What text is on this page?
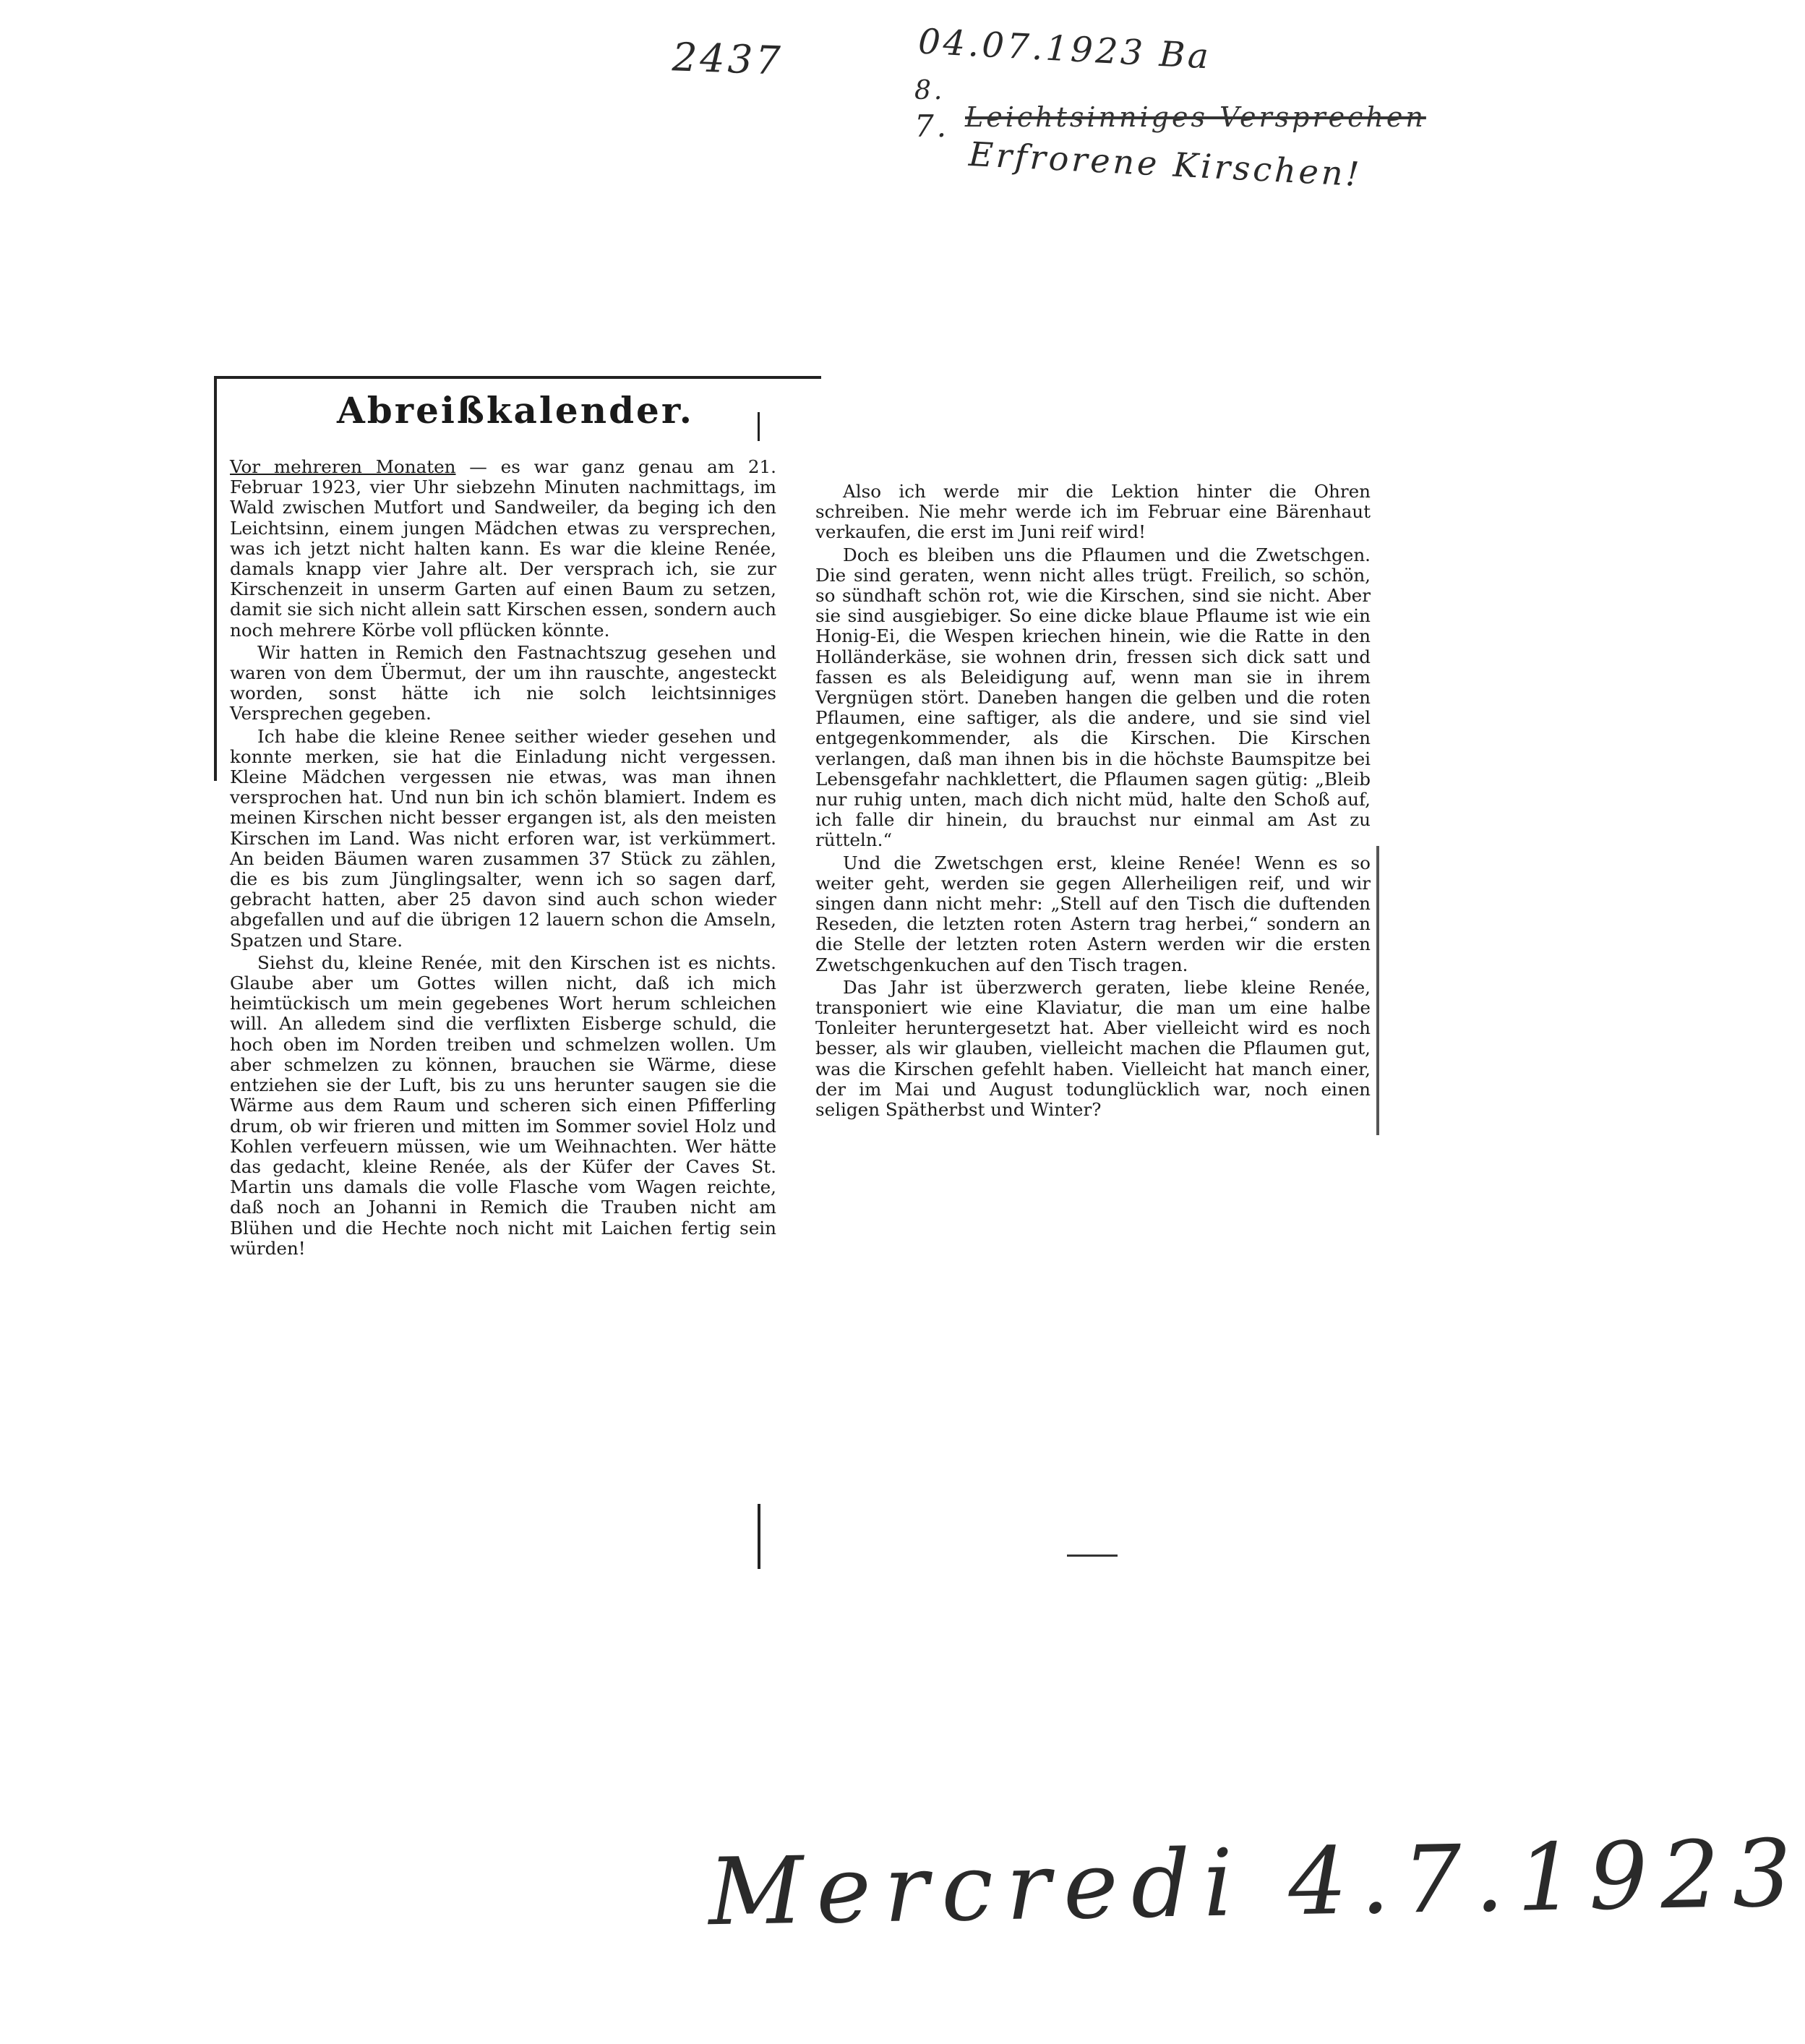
2437	04.07.1923 Ba
8.
7. Leichtsinniges Versprechen
Erfrorene Kirschen!
Abreißkalender.

Vor mehreren Monaten — es war ganz genau am 21. Februar 1923, vier Uhr siebzehn Minuten nachmittags, im Wald zwischen Mutfort und Sandweiler, da beging ich den Leichtsinn, einem jungen Mädchen etwas zu versprechen, was ich jetzt nicht halten kann. Es war die kleine Renée, damals knapp vier Jahre alt. Der versprach ich, sie zur Kirschenzeit in unserm Garten auf einen Baum zu setzen, damit sie sich nicht allein satt Kirschen essen, sondern auch noch mehrere Körbe voll pflücken könnte.

Wir hatten in Remich den Fastnachtszug gesehen und waren von dem Übermut, der um ihn rauschte, angesteckt worden, sonst hätte ich nie solch leichtsinniges Versprechen gegeben.

Ich habe die kleine Renee seither wieder gesehen und konnte merken, sie hat die Einladung nicht vergessen. Kleine Mädchen vergessen nie etwas, was man ihnen versprochen hat. Und nun bin ich schön blamiert. Indem es meinen Kirschen nicht besser ergangen ist, als den meisten Kirschen im Land. Was nicht erforen war, ist verkümmert. An beiden Bäumen waren zusammen 37 Stück zu zählen, die es bis zum Jünglingsalter, wenn ich so sagen darf, gebracht hatten, aber 25 davon sind auch schon wieder abgefallen und auf die übrigen 12 lauern schon die Amseln, Spatzen und Stare.

Siehst du, kleine Renée, mit den Kirschen ist es nichts. Glaube aber um Gottes willen nicht, daß ich mich heimtückisch um mein gegebenes Wort herum schleichen will. An alledem sind die verflixten Eisberge schuld, die hoch oben im Norden treiben und schmelzen wollen. Um aber schmelzen zu können, brauchen sie Wärme, diese entziehen sie der Luft, bis zu uns herunter saugen sie die Wärme aus dem Raum und scheren sich einen Pfifferling drum, ob wir frieren und mitten im Sommer soviel Holz und Kohlen verfeuern müssen, wie um Weihnachten. Wer hätte das gedacht, kleine Renée, als der Küfer der Caves St. Martin uns damals die volle Flasche vom Wagen reichte, daß noch an Johanni in Remich die Trauben nicht am Blühen und die Hechte noch nicht mit Laichen fertig sein würden!

Also ich werde mir die Lektion hinter die Ohren schreiben. Nie mehr werde ich im Februar eine Bärenhaut verkaufen, die erst im Juni reif wird!

Doch es bleiben uns die Pflaumen und die Zwetschgen. Die sind geraten, wenn nicht alles trügt. Freilich, so schön, so sündhaft schön rot, wie die Kirschen, sind sie nicht. Aber sie sind ausgiebiger. So eine dicke blaue Pflaume ist wie ein Honig-Ei, die Wespen kriechen hinein, wie die Ratte in den Holländerkäse, sie wohnen drin, fressen sich dick satt und fassen es als Beleidigung auf, wenn man sie in ihrem Vergnügen stört. Daneben hangen die gelben und die roten Pflaumen, eine saftiger, als die andere, und sie sind viel entgegenkommender, als die Kirschen. Die Kirschen verlangen, daß man ihnen bis in die höchste Baumspitze bei Lebensgefahr nachklettert, die Pflaumen sagen gütig: „Bleib nur ruhig unten, mach dich nicht müd, halte den Schoß auf, ich falle dir hinein, du brauchst nur einmal am Ast zu rütteln.“

Und die Zwetschgen erst, kleine Renée! Wenn es so weiter geht, werden sie gegen Allerheiligen reif, und wir singen dann nicht mehr: „Stell auf den Tisch die duftenden Reseden, die letzten roten Astern trag herbei,“ sondern an die Stelle der letzten roten Astern werden wir die ersten Zwetschgenkuchen auf den Tisch tragen.

Das Jahr ist überzwerch geraten, liebe kleine Renée, transponiert wie eine Klaviatur, die man um eine halbe Tonleiter heruntergesetzt hat. Aber vielleicht wird es noch besser, als wir glauben, vielleicht machen die Pflaumen gut, was die Kirschen gefehlt haben. Vielleicht hat manch einer, der im Mai und August todunglücklich war, noch einen seligen Spätherbst und Winter?

Mercredi 4.7.1923
